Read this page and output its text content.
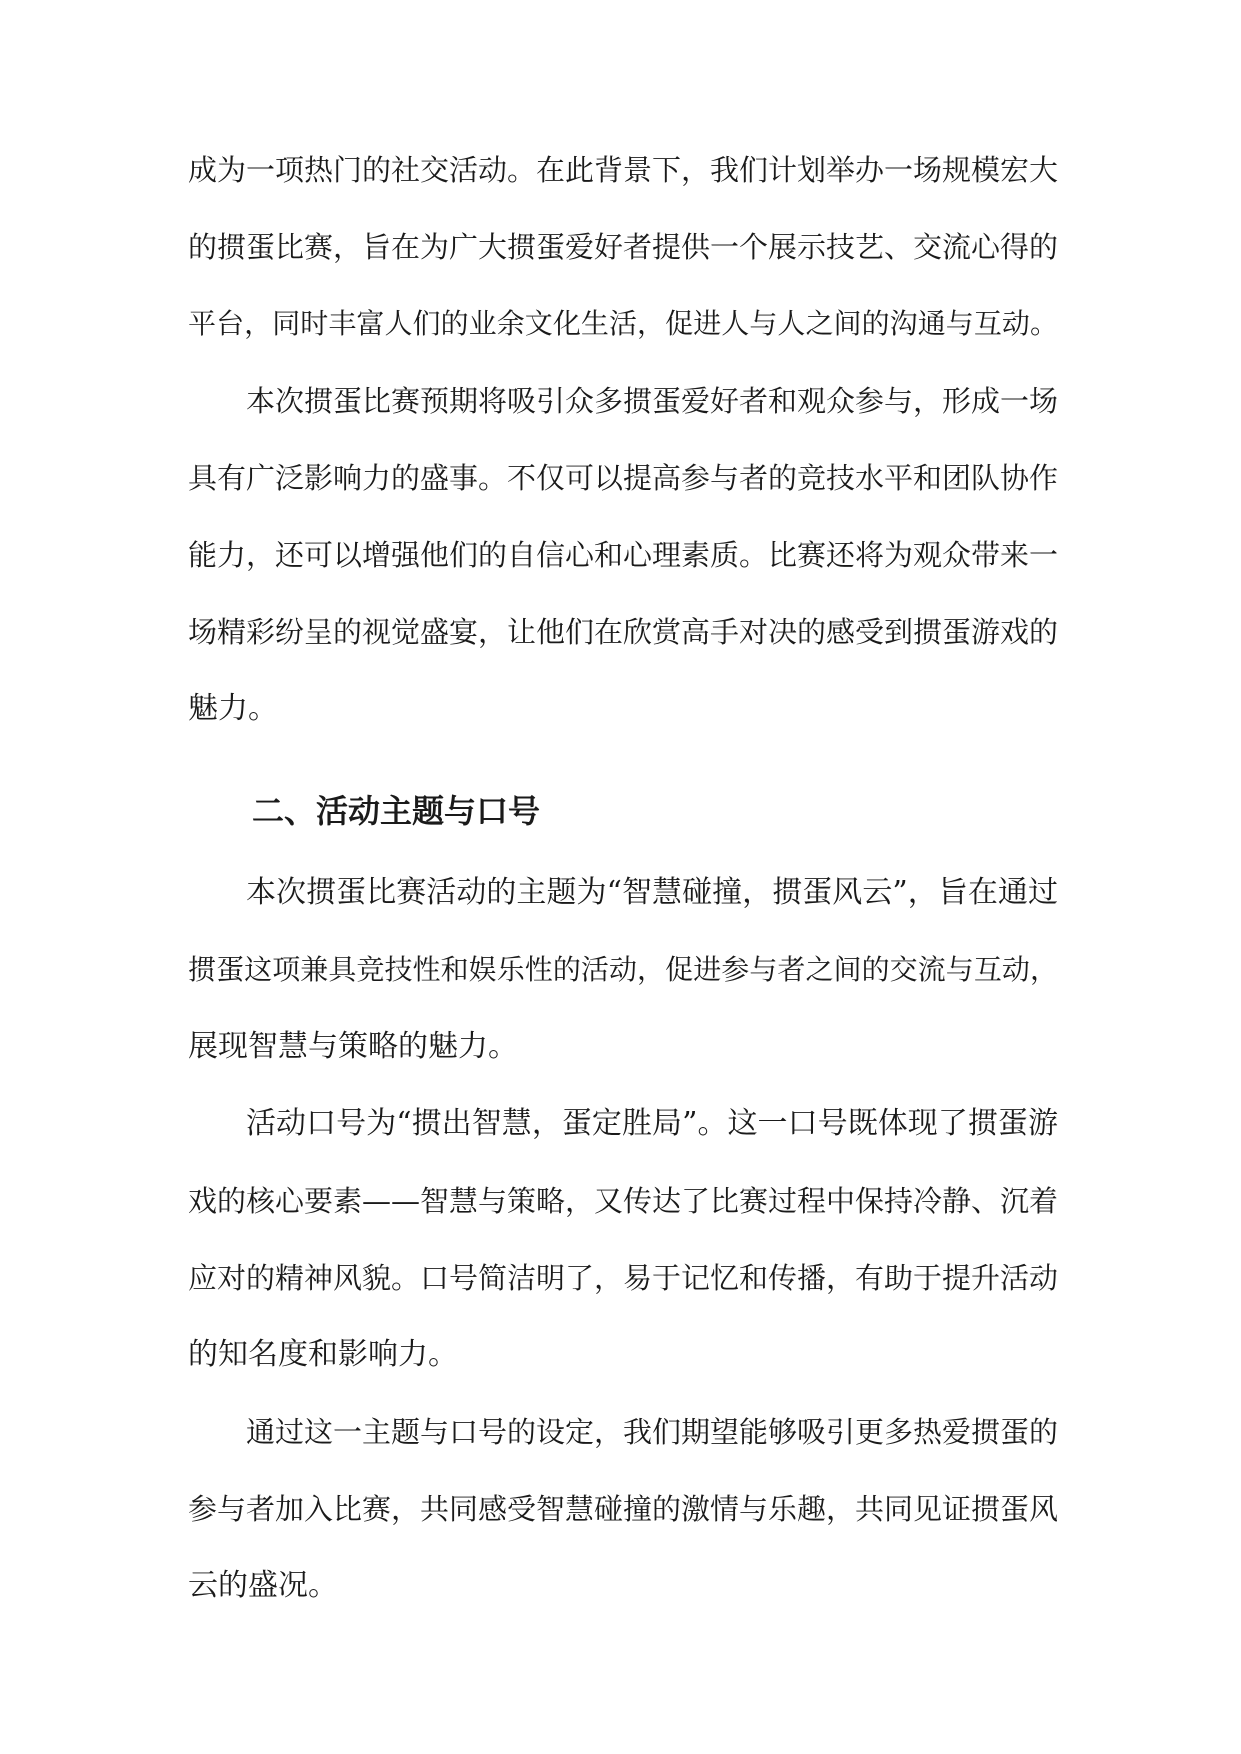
成为一项热门的社交活动。在此背景下，我们计划举办一场规模宏大
的掼蛋比赛，旨在为广大掼蛋爱好者提供一个展示技艺、交流心得的
平台，同时丰富人们的业余文化生活，促进人与人之间的沟通与互动。
本次掼蛋比赛预期将吸引众多掼蛋爱好者和观众参与，形成一场
具有广泛影响力的盛事。不仅可以提高参与者的竞技水平和团队协作
能力，还可以增强他们的自信心和心理素质。比赛还将为观众带来一
场精彩纷呈的视觉盛宴，让他们在欣赏高手对决的感受到掼蛋游戏的
魅力。
二、活动主题与口号
本次掼蛋比赛活动的主题为“智慧碰撞，掼蛋风云”，旨在通过
掼蛋这项兼具竞技性和娱乐性的活动，促进参与者之间的交流与互动，
展现智慧与策略的魅力。
活动口号为“掼出智慧，蛋定胜局”。这一口号既体现了掼蛋游
戏的核心要素——智慧与策略，又传达了比赛过程中保持冷静、沉着
应对的精神风貌。口号简洁明了，易于记忆和传播，有助于提升活动
的知名度和影响力。
通过这一主题与口号的设定，我们期望能够吸引更多热爱掼蛋的
参与者加入比赛，共同感受智慧碰撞的激情与乐趣，共同见证掼蛋风
云的盛况。
